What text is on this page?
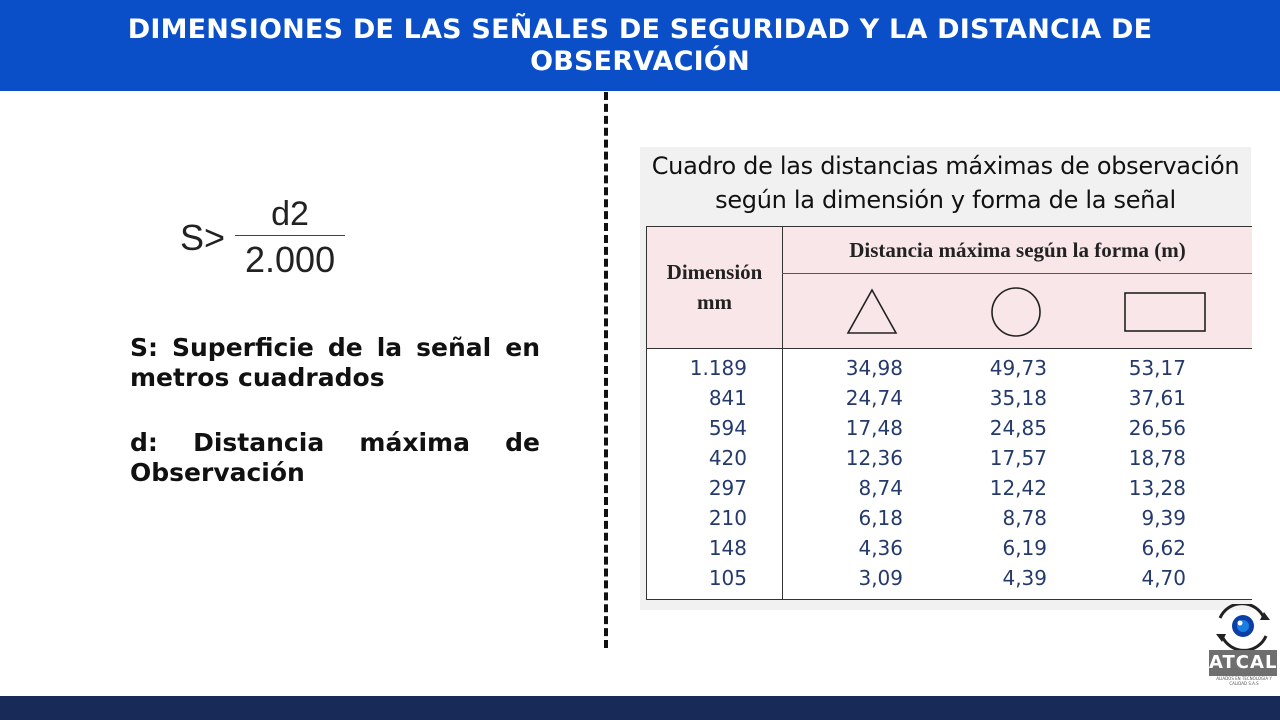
DIMENSIONES DE LAS SEÑALES DE SEGURIDAD Y LA DISTANCIA DE OBSERVACIÓN
$S> \frac{d2}{2.000}$
S: Superficie de la señal en metros cuadrados
d: Distancia máxima de Observación
Cuadro de las distancias máximas de observación
según la dimensión y forma de la señal
Dimensión
mm
Distancia máxima según la forma (m)
1.189
841
594
420
297
210
148
105
34,98
24,74
17,48
12,36
8,74
6,18
4,36
3,09
49,73
35,18
24,85
17,57
12,42
8,78
6,19
4,39
53,17
37,61
26,56
18,78
13,28
9,39
6,62
4,70
ATCAL
ALIADOS EN TECNOLOGIA Y CALIDAD S.A.S
